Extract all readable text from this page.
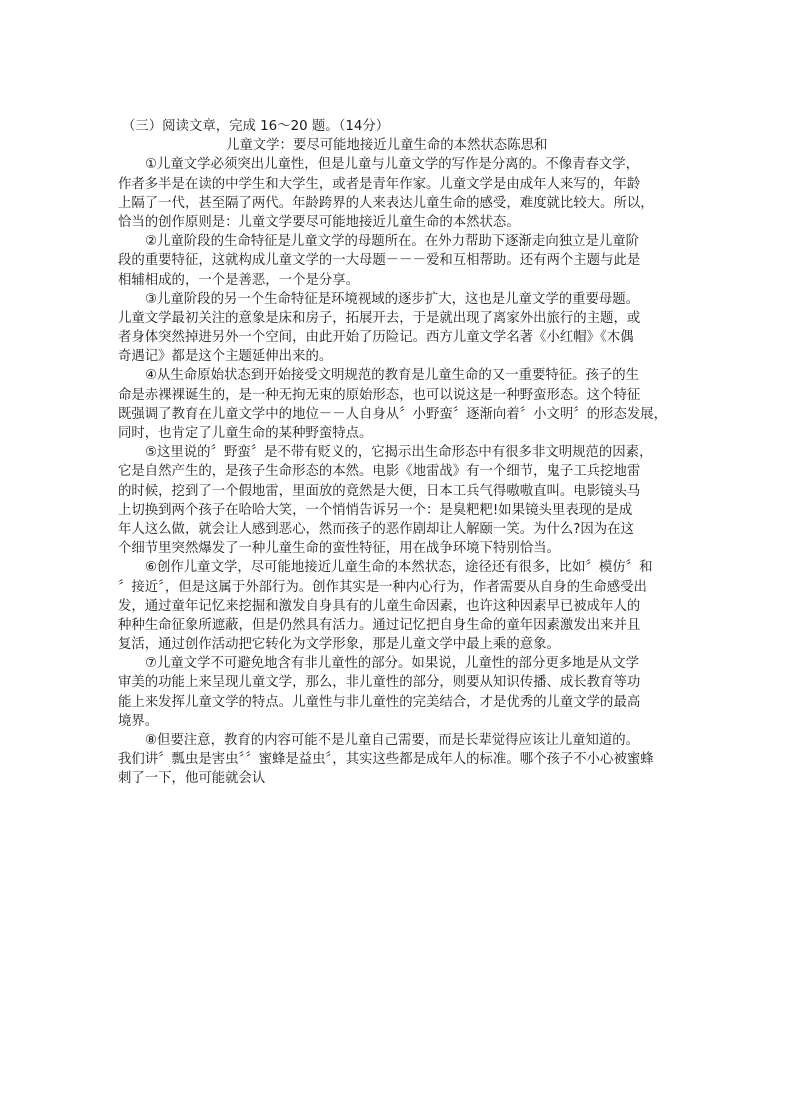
（三）阅读文章，完成 16～20 题。（14分）
儿童文学：要尽可能地接近儿童生命的本然状态陈思和
①儿童文学必须突出儿童性，但是儿童与儿童文学的写作是分离的。不像青春文学，
作者多半是在读的中学生和大学生，或者是青年作家。儿童文学是由成年人来写的，年龄
上隔了一代，甚至隔了两代。年龄跨界的人来表达儿童生命的感受，难度就比较大。所以，
恰当的创作原则是：儿童文学要尽可能地接近儿童生命的本然状态。
②儿童阶段的生命特征是儿童文学的母题所在。在外力帮助下逐渐走向独立是儿童阶
段的重要特征，这就构成儿童文学的一大母题－－－爱和互相帮助。还有两个主题与此是
相辅相成的，一个是善恶，一个是分享。
③儿童阶段的另一个生命特征是环境视域的逐步扩大，这也是儿童文学的重要母题。
儿童文学最初关注的意象是床和房子，拓展开去，于是就出现了离家外出旅行的主题，或
者身体突然掉进另外一个空间，由此开始了历险记。西方儿童文学名著《小红帽》《木偶
奇遇记》都是这个主题延伸出来的。
④从生命原始状态到开始接受文明规范的教育是儿童生命的又一重要特征。孩子的生
命是赤裸裸诞生的，是一种无拘无束的原始形态，也可以说这是一种野蛮形态。这个特征
既强调了教育在儿童文学中的地位－－人自身从〞小野蛮〞逐渐向着〞小文明〞的形态发展，
同时，也肯定了儿童生命的某种野蛮特点。
⑤这里说的〞野蛮〞是不带有贬义的，它揭示出生命形态中有很多非文明规范的因素，
它是自然产生的，是孩子生命形态的本然。电影《地雷战》有一个细节，鬼子工兵挖地雷
的时候，挖到了一个假地雷，里面放的竟然是大便，日本工兵气得嗷嗷直叫。电影镜头马
上切换到两个孩子在哈哈大笑，一个悄悄告诉另一个：是臭粑粑!如果镜头里表现的是成
年人这么做，就会让人感到恶心，然而孩子的恶作剧却让人解颐一笑。为什么?因为在这
个细节里突然爆发了一种儿童生命的蛮性特征，用在战争环境下特别恰当。
⑥创作儿童文学，尽可能地接近儿童生命的本然状态，途径还有很多，比如〞模仿〞和
〞接近〞，但是这属于外部行为。创作其实是一种内心行为，作者需要从自身的生命感受出
发，通过童年记忆来挖掘和激发自身具有的儿童生命因素，也许这种因素早已被成年人的
种种生命征象所遮蔽，但是仍然具有活力。通过记忆把自身生命的童年因素激发出来并且
复活，通过创作活动把它转化为文学形象，那是儿童文学中最上乘的意象。
⑦儿童文学不可避免地含有非儿童性的部分。如果说，儿童性的部分更多地是从文学
审美的功能上来呈现儿童文学，那么，非儿童性的部分，则要从知识传播、成长教育等功
能上来发挥儿童文学的特点。儿童性与非儿童性的完美结合，才是优秀的儿童文学的最高
境界。
⑧但要注意，教育的内容可能不是儿童自己需要，而是长辈觉得应该让儿童知道的。
我们讲〞瓢虫是害虫〞〞蜜蜂是益虫〞，其实这些都是成年人的标准。哪个孩子不小心被蜜蜂
刺了一下，他可能就会认
